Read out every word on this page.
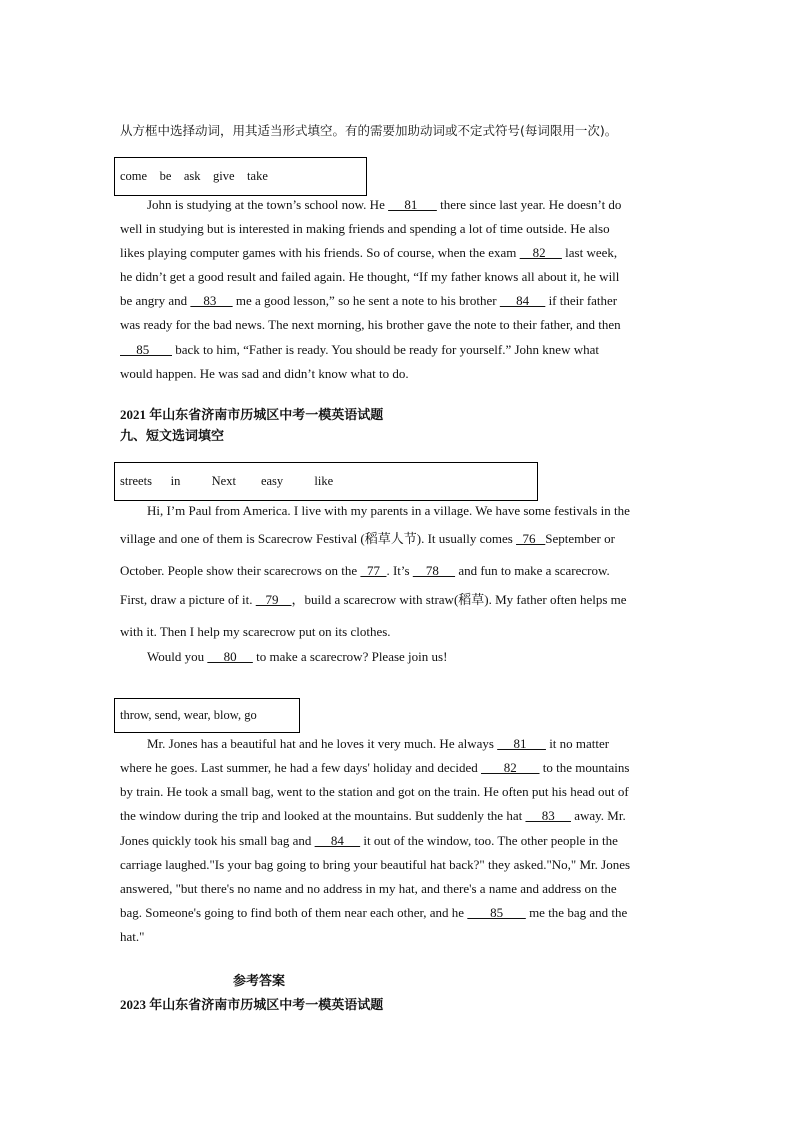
从方框中选择动词，用其适当形式填空。有的需要加助动词或不定式符号(每词限用一次)。
come    be    ask    give    take
John is studying at the town’s school now. He      81       there since last year. He doesn’t do
well in studying but is interested in making friends and spending a lot of time outside. He also
likes playing computer games with his friends. So of course, when the exam     82      last week,
he didn’t get a good result and failed again. He thought, “If my father knows all about it, he will
be angry and     83      me a good lesson,” so he sent a note to his brother      84      if their father
was ready for the bad news. The next morning, his brother gave the note to their father, and then
85        back to him, “Father is ready. You should be ready for yourself.” John knew what
would happen. He was sad and didn’t know what to do.
2021 年山东省济南市历城区中考一模英语试题
九、短文选词填空
streets      in          Next        easy          like
Hi, I’m Paul from America. I live with my parents in a village. We have some festivals in the
village and one of them is Scarecrow Festival (稻草人节). It usually comes   76   September or
October. People show their scarecrows on the   77  . It’s     78      and fun to make a scarecrow.
First, draw a picture of it.    79    ，build a scarecrow with straw(稻草). My father often helps me
with it. Then I help my scarecrow put on its clothes.
Would you      80      to make a scarecrow? Please join us!
throw, send, wear, blow, go
Mr. Jones has a beautiful hat and he loves it very much. He always      81       it no matter
where he goes. Last summer, he had a few days' holiday and decided        82        to the mountains
by train. He took a small bag, went to the station and got on the train. He often put his head out of
the window during the trip and looked at the mountains. But suddenly the hat      83      away. Mr.
Jones quickly took his small bag and      84      it out of the window, too. The other people in the
carriage laughed."Is your bag going to bring your beautiful hat back?" they asked."No," Mr. Jones
answered, "but there's no name and no address in my hat, and there's a name and address on the
bag. Someone's going to find both of them near each other, and he        85        me the bag and the
hat."
参考答案
2023 年山东省济南市历城区中考一模英语试题
